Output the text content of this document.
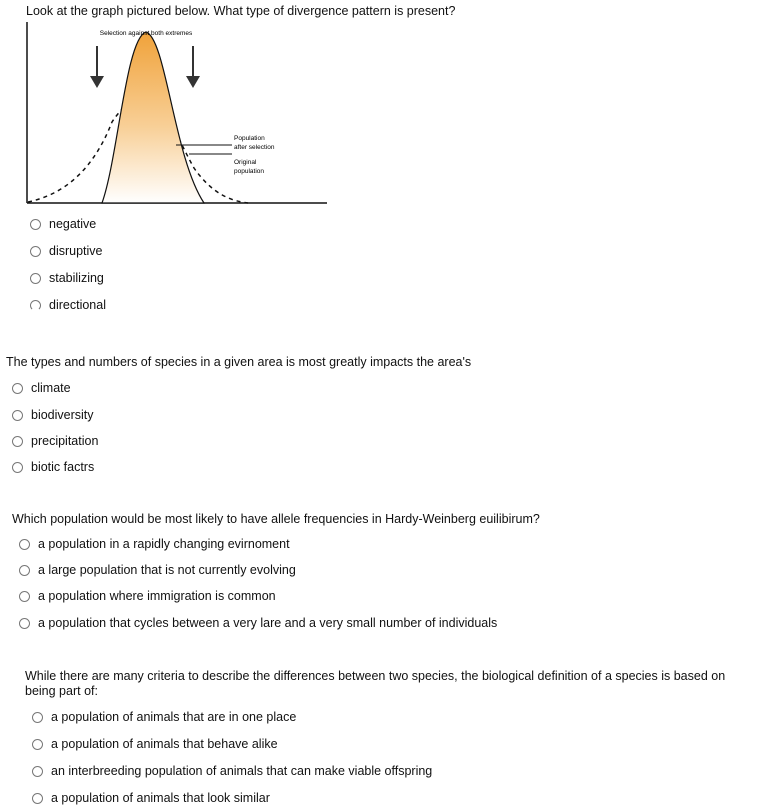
Look at the graph pictured below. What type of divergence pattern is present?
Selection against both extremes
Population
after selection
Original
population
negative
disruptive
stabilizing
directional
The types and numbers of species in a given area is most greatly impacts the area's
climate
biodiversity
precipitation
biotic factrs
Which population would be most likely to have allele frequencies in Hardy-Weinberg euilibirum?
a population in a rapidly changing evirnoment
a large population that is not currently evolving
a population where immigration is common
a population that cycles between a very lare and a very small number of individuals
While there are many criteria to describe the differences between two species, the biological definition of a species is based on
being part of:
a population of animals that are in one place
a population of animals that behave alike
an interbreeding population of animals that can make viable offspring
a population of animals that look similar
